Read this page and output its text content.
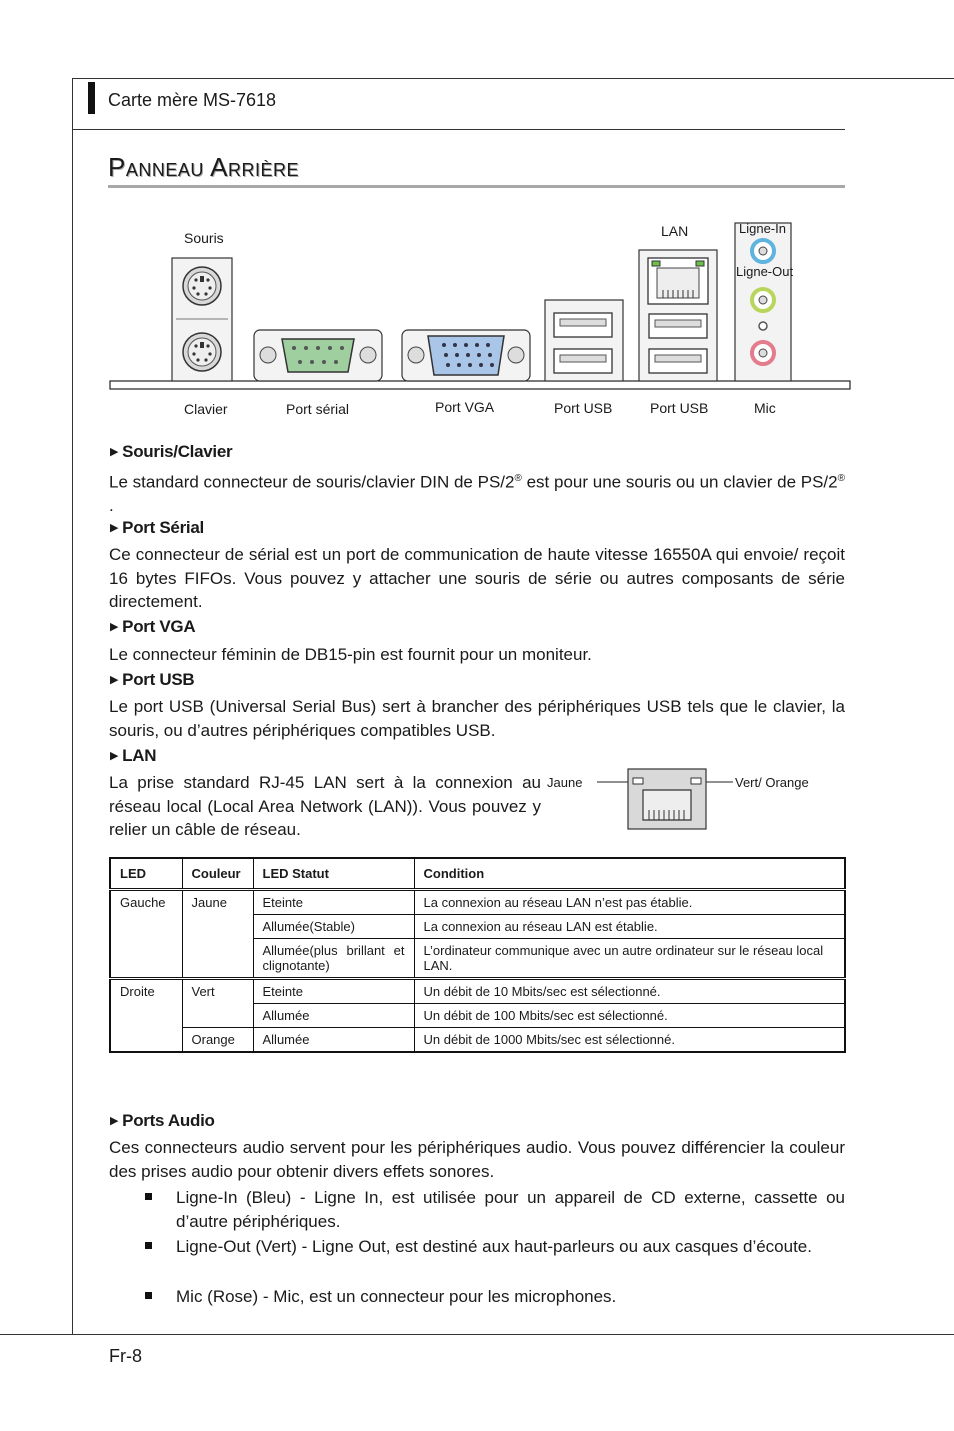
Carte mère MS-7618
Panneau Arrière
Souris	LAN	Ligne-In
Ligne-Out
Clavier	Port sérial	Port VGA	Port USB	Port USB	Mic
▶ Souris/Clavier
Le standard connecteur de souris/clavier DIN de PS/2® est pour une souris ou un clavier de PS/2® .
▶ Port Sérial
Ce connecteur de sérial est un port de communication de haute vitesse 16550A qui envoie/ reçoit 16 bytes FIFOs. Vous pouvez y attacher une souris de série ou autres composants de série directement.
▶ Port VGA
Le connecteur féminin de DB15-pin est fournit pour un moniteur.
▶ Port USB
Le port USB (Universal Serial Bus) sert à brancher des périphériques USB tels que le clavier, la souris, ou d’autres périphériques compatibles USB.
▶ LAN
La prise standard RJ-45 LAN sert à la connexion au réseau local (Local Area Network (LAN)). Vous pouvez y relier un câble de réseau.
Jaune	Vert/ Orange
LED	Couleur	LED Statut	Condition
Gauche	Jaune	Eteinte	La connexion au réseau LAN n’est pas établie.
		Allumée(Stable)	La connexion au réseau LAN est établie.
		Allumée(plus brillant et clignotante)	L’ordinateur communique avec un autre ordinateur sur le réseau local LAN.
Droite	Vert	Eteinte	Un débit de 10 Mbits/sec est sélectionné.
		Allumée	Un débit de 100 Mbits/sec est sélectionné.
	Orange	Allumée	Un débit de 1000 Mbits/sec est sélectionné.
▶ Ports Audio
Ces connecteurs audio servent pour les périphériques audio. Vous pouvez différencier la couleur des prises audio pour obtenir divers effets sonores.
Ligne-In (Bleu) - Ligne In, est utilisée pour un appareil de CD externe, cassette ou d’autre périphériques.
Ligne-Out (Vert) - Ligne Out, est destiné aux haut-parleurs ou aux casques d’écoute.
Mic (Rose) - Mic, est un connecteur pour les microphones.
Fr-8
